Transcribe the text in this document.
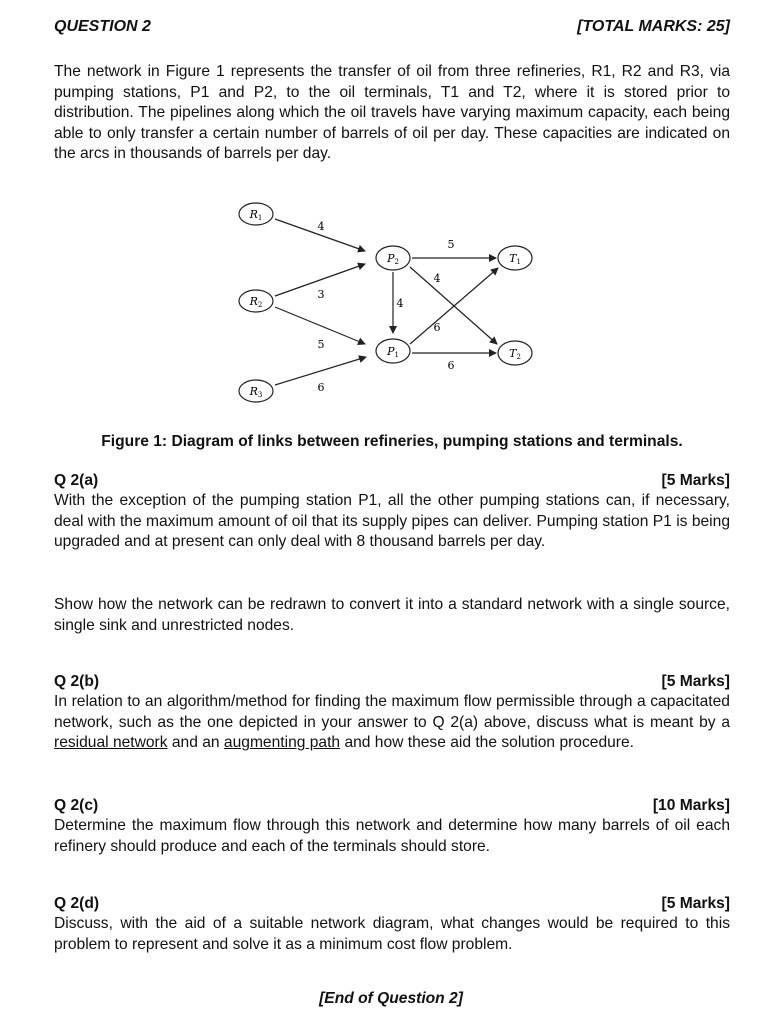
QUESTION 2	[TOTAL MARKS: 25]

The network in Figure 1 represents the transfer of oil from three refineries, R1, R2 and R3, via pumping stations, P1 and P2, to the oil terminals, T1 and T2, where it is stored prior to distribution. The pipelines along which the oil travels have varying maximum capacity, each being able to only transfer a certain number of barrels of oil per day. These capacities are indicated on the arcs in thousands of barrels per day.

4
3
5
6
4
5
4
6
6
R1
R2
R3
P2
P1
T1
T2
Figure 1: Diagram of links between refineries, pumping stations and terminals.
Q 2(a)	[5 Marks]

With the exception of the pumping station P1, all the other pumping stations can, if necessary, deal with the maximum amount of oil that its supply pipes can deliver. Pumping station P1 is being upgraded and at present can only deal with 8 thousand barrels per day.

Show how the network can be redrawn to convert it into a standard network with a single source, single sink and unrestricted nodes.

Q 2(b)	[5 Marks]

In relation to an algorithm/method for finding the maximum flow permissible through a capacitated network, such as the one depicted in your answer to Q 2(a) above, discuss what is meant by a residual network and an augmenting path and how these aid the solution procedure.

Q 2(c)	[10 Marks]

Determine the maximum flow through this network and determine how many barrels of oil each refinery should produce and each of the terminals should store.

Q 2(d)	[5 Marks]

Discuss, with the aid of a suitable network diagram, what changes would be required to this problem to represent and solve it as a minimum cost flow problem.

[End of Question 2]
